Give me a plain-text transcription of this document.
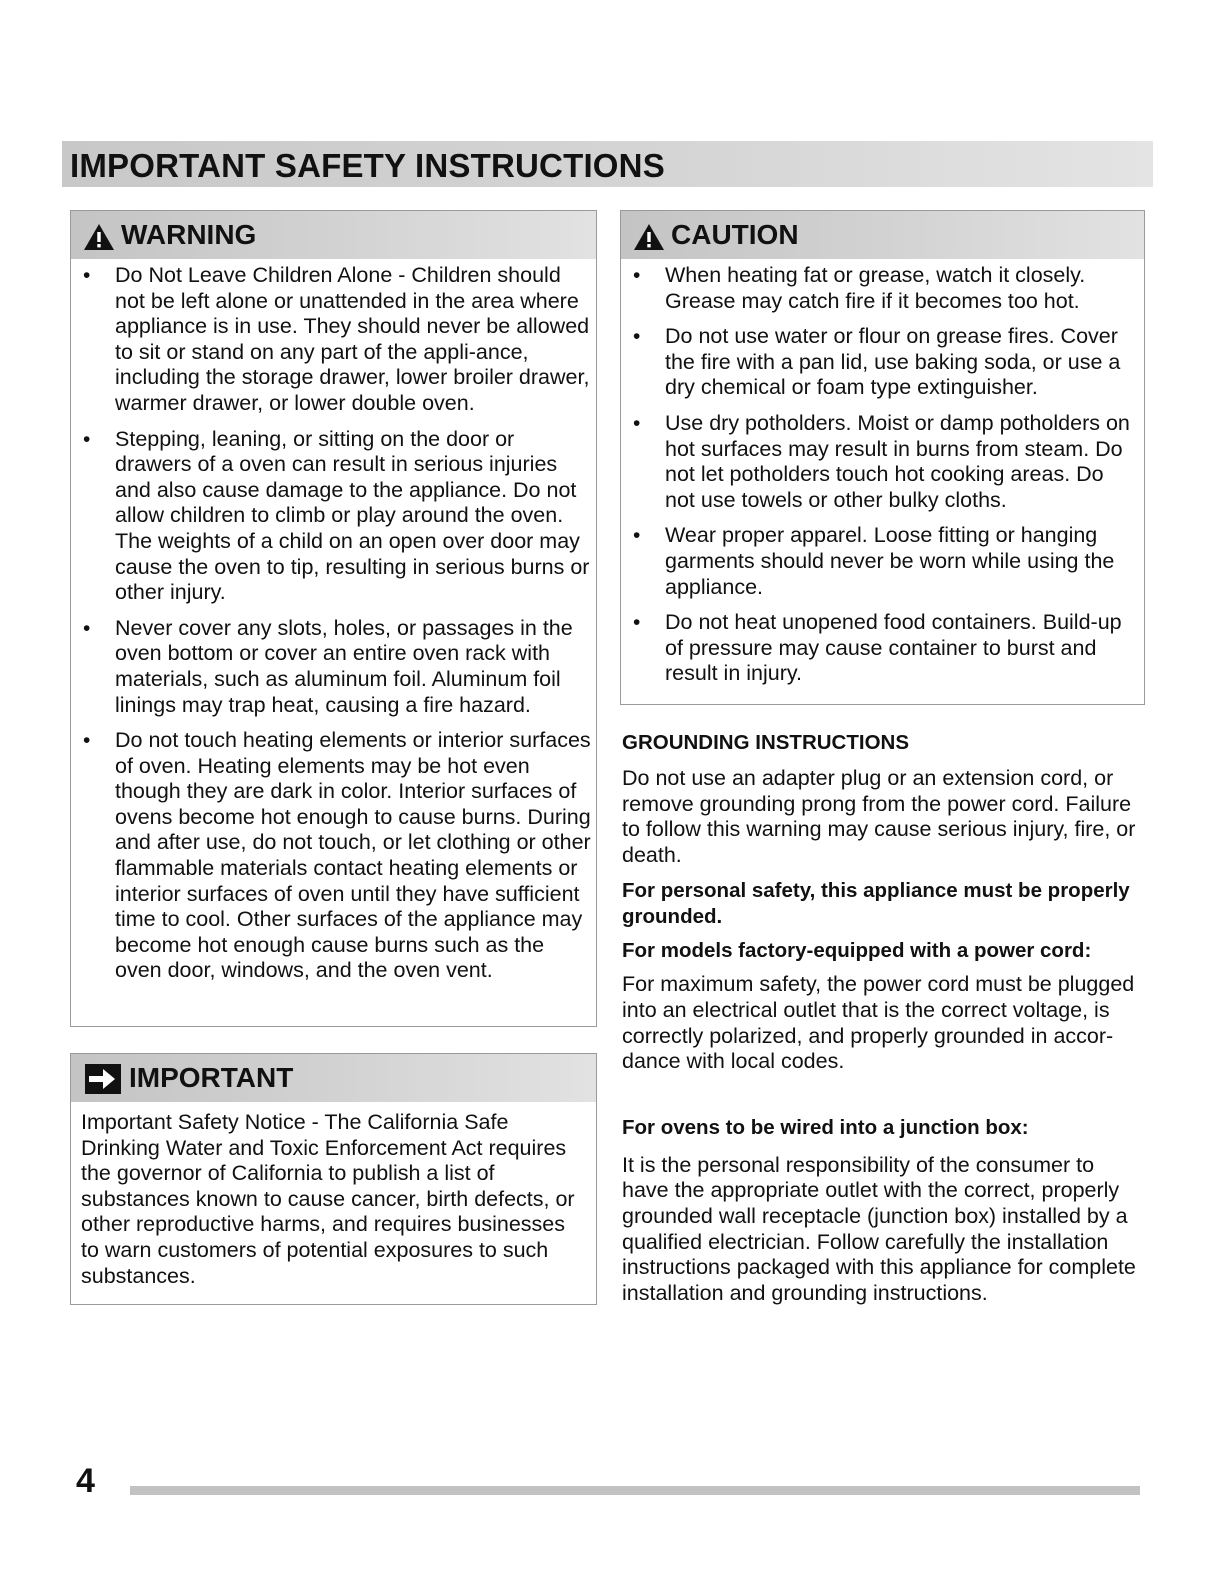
IMPORTANT SAFETY INSTRUCTIONS
WARNING
• Do Not Leave Children Alone - Children should not be left alone or unattended in the area where appliance is in use. They should never be allowed to sit or stand on any part of the appli-ance, including the storage drawer, lower broiler drawer, warmer drawer, or lower double oven.
• Stepping, leaning, or sitting on the door or drawers of a oven can result in serious injuries and also cause damage to the appliance. Do not allow children to climb or play around the oven. The weights of a child on an open over door may cause the oven to tip, resulting in serious burns or other injury.
• Never cover any slots, holes, or passages in the oven bottom or cover an entire oven rack with materials, such as aluminum foil. Aluminum foil linings may trap heat, causing a fire hazard.
• Do not touch heating elements or interior surfaces of oven. Heating elements may be hot even though they are dark in color. Interior surfaces of ovens become hot enough to cause burns. During and after use, do not touch, or let clothing or other flammable materials contact heating elements or interior surfaces of oven until they have sufficient time to cool. Other surfaces of the appliance may become hot enough cause burns such as the oven door, windows, and the oven vent.
IMPORTANT
Important Safety Notice - The California Safe Drinking Water and Toxic Enforcement Act requires the governor of California to publish a list of substances known to cause cancer, birth defects, or other reproductive harms, and requires businesses to warn customers of potential exposures to such substances.
CAUTION
• When heating fat or grease, watch it closely. Grease may catch fire if it becomes too hot.
• Do not use water or flour on grease fires. Cover the fire with a pan lid, use baking soda, or use a dry chemical or foam type extinguisher.
• Use dry potholders. Moist or damp potholders on hot surfaces may result in burns from steam. Do not let potholders touch hot cooking areas. Do not use towels or other bulky cloths.
• Wear proper apparel. Loose fitting or hanging garments should never be worn while using the appliance.
• Do not heat unopened food containers. Build-up of pressure may cause container to burst and result in injury.
GROUNDING INSTRUCTIONS

Do not use an adapter plug or an extension cord, or remove grounding prong from the power cord. Failure to follow this warning may cause serious injury, fire, or death.

For personal safety, this appliance must be properly grounded.
For models factory-equipped with a power cord:

For maximum safety, the power cord must be plugged into an electrical outlet that is the correct voltage, is correctly polarized, and properly grounded in accor-dance with local codes.

For ovens to be wired into a junction box:

It is the personal responsibility of the consumer to have the appropriate outlet with the correct, properly grounded wall receptacle (junction box) installed by a qualified electrician. Follow carefully the installation instructions packaged with this appliance for complete installation and grounding instructions.

4
